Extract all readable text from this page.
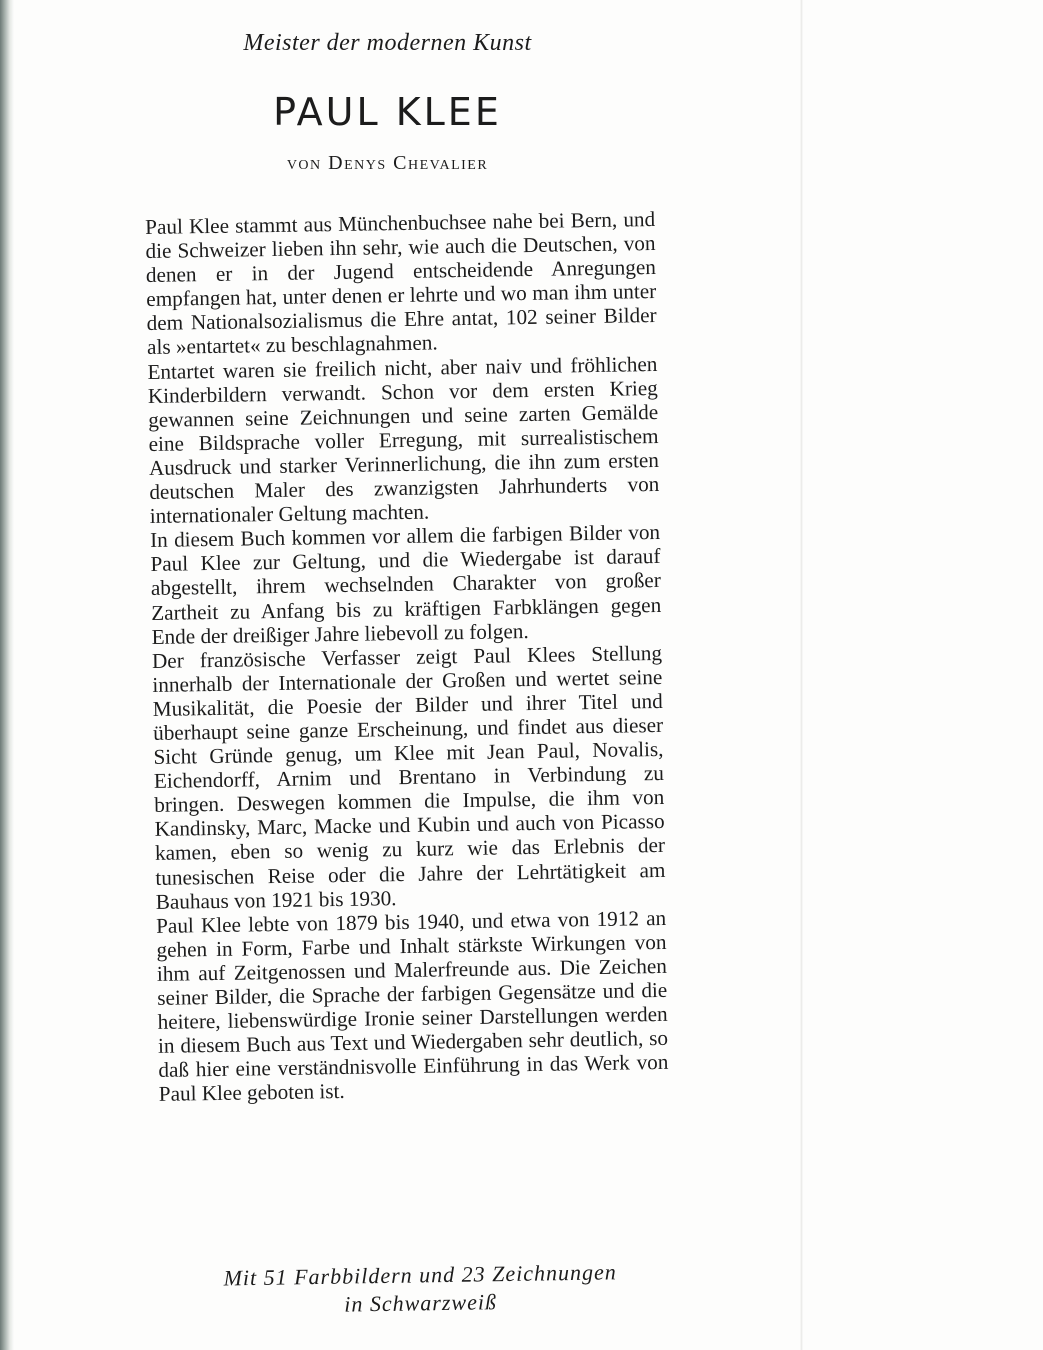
Meister der modernen Kunst
PAUL KLEE
von Denys Chevalier

Paul Klee stammt aus Münchenbuchsee nahe bei Bern, und die Schweizer lieben ihn sehr, wie auch die Deutschen, von denen er in der Jugend entscheidende Anregungen empfangen hat, unter denen er lehrte und wo man ihm unter dem Nationalsozialismus die Ehre antat, 102 seiner Bilder als »entartet« zu beschlagnahmen.

Entartet waren sie freilich nicht, aber naiv und fröhlichen Kinderbildern verwandt. Schon vor dem ersten Krieg gewannen seine Zeichnungen und seine zarten Gemälde eine Bildsprache voller Erregung, mit surrealistischem Ausdruck und starker Verinnerlichung, die ihn zum ersten deutschen Maler des zwanzigsten Jahrhunderts von internationaler Geltung machten.

In diesem Buch kommen vor allem die farbigen Bilder von Paul Klee zur Geltung, und die Wiedergabe ist darauf abgestellt, ihrem wechselnden Charakter von großer Zartheit zu Anfang bis zu kräftigen Farbklängen gegen Ende der dreißiger Jahre liebevoll zu folgen.

Der französische Verfasser zeigt Paul Klees Stellung innerhalb der Internationale der Großen und wertet seine Musikalität, die Poesie der Bilder und ihrer Titel und überhaupt seine ganze Erscheinung, und findet aus dieser Sicht Gründe genug, um Klee mit Jean Paul, Novalis, Eichendorff, Arnim und Brentano in Verbindung zu bringen. Deswegen kommen die Impulse, die ihm von Kandinsky, Marc, Macke und Kubin und auch von Picasso kamen, eben so wenig zu kurz wie das Erlebnis der tunesischen Reise oder die Jahre der Lehrtätigkeit am Bauhaus von 1921 bis 1930.

Paul Klee lebte von 1879 bis 1940, und etwa von 1912 an gehen in Form, Farbe und Inhalt stärkste Wirkungen von ihm auf Zeitgenossen und Malerfreunde aus. Die Zeichen seiner Bilder, die Sprache der farbigen Gegensätze und die heitere, liebenswürdige Ironie seiner Darstellungen werden in diesem Buch aus Text und Wiedergaben sehr deutlich, so daß hier eine verständnisvolle Einführung in das Werk von Paul Klee geboten ist.

Mit 51 Farbbildern und 23 Zeichnungen
in Schwarzweiß
